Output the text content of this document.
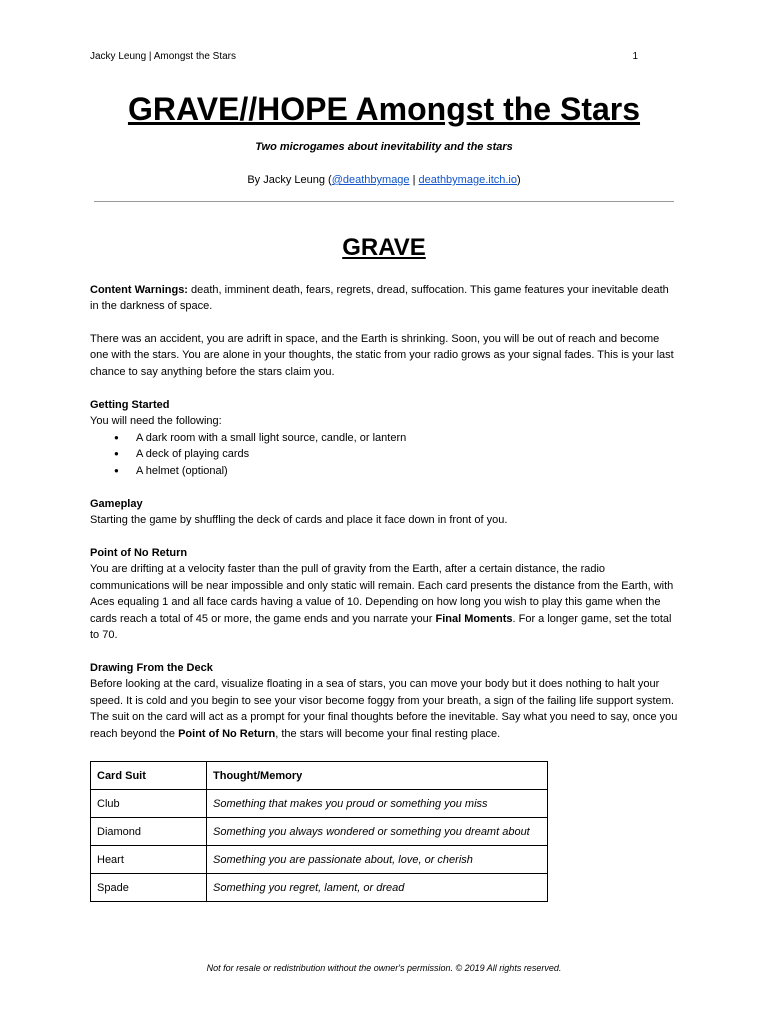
Jacky Leung | Amongst the Stars	1
GRAVE//HOPE Amongst the Stars
Two microgames about inevitability and the stars
By Jacky Leung (@deathbymage | deathbymage.itch.io)
GRAVE
Content Warnings: death, imminent death, fears, regrets, dread, suffocation. This game features your inevitable death in the darkness of space.
There was an accident, you are adrift in space, and the Earth is shrinking. Soon, you will be out of reach and become one with the stars. You are alone in your thoughts, the static from your radio grows as your signal fades. This is your last chance to say anything before the stars claim you.
Getting Started
You will need the following:
● A dark room with a small light source, candle, or lantern
● A deck of playing cards
● A helmet (optional)
Gameplay
Starting the game by shuffling the deck of cards and place it face down in front of you.
Point of No Return
You are drifting at a velocity faster than the pull of gravity from the Earth, after a certain distance, the radio communications will be near impossible and only static will remain. Each card presents the distance from the Earth, with Aces equaling 1 and all face cards having a value of 10. Depending on how long you wish to play this game when the cards reach a total of 45 or more, the game ends and you narrate your Final Moments. For a longer game, set the total to 70.
Drawing From the Deck
Before looking at the card, visualize floating in a sea of stars, you can move your body but it does nothing to halt your speed. It is cold and you begin to see your visor become foggy from your breath, a sign of the failing life support system. The suit on the card will act as a prompt for your final thoughts before the inevitable. Say what you need to say, once you reach beyond the Point of No Return, the stars will become your final resting place.
Card Suit	Thought/Memory
Club	Something that makes you proud or something you miss
Diamond	Something you always wondered or something you dreamt about
Heart	Something you are passionate about, love, or cherish
Spade	Something you regret, lament, or dread
Not for resale or redistribution without the owner's permission. © 2019 All rights reserved.
